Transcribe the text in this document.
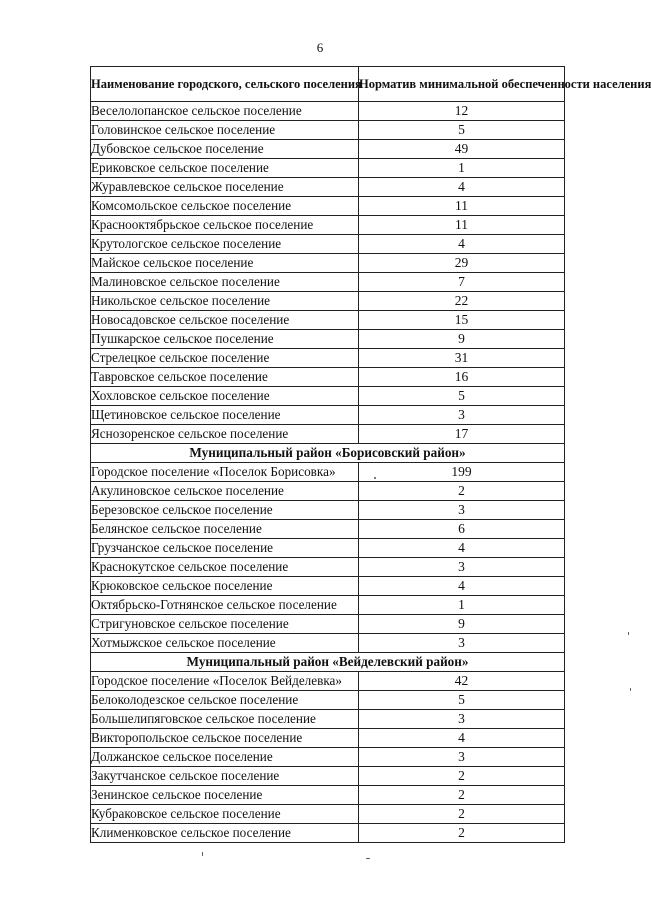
6
Наименование городского, сельского поселения	Норматив минимальной обеспеченности населения
Веселолопанское сельское поселение	12
Головинское сельское поселение	5
Дубовское сельское поселение	49
Ериковское сельское поселение	1
Журавлевское сельское поселение	4
Комсомольское сельское поселение	11
Краснооктябрьское сельское поселение	11
Крутологское сельское поселение	4
Майское сельское поселение	29
Малиновское сельское поселение	7
Никольское сельское поселение	22
Новосадовское сельское поселение	15
Пушкарское сельское поселение	9
Стрелецкое сельское поселение	31
Тавровское сельское поселение	16
Хохловское сельское поселение	5
Щетиновское сельское поселение	3
Яснозоренское сельское поселение	17
Муниципальный район «Борисовский район»	
Городское поселение «Поселок Борисовка»	199
Акулиновское сельское поселение	2
Березовское сельское поселение	3
Белянское сельское поселение	6
Грузчанское сельское поселение	4
Краснокутское сельское поселение	3
Крюковское сельское поселение	4
Октябрьско-Готнянское сельское поселение	1
Стригуновское сельское поселение	9
Хотмыжское сельское поселение	3
Муниципальный район «Вейделевский район»	
Городское поселение «Поселок Вейделевка»	42
Белоколодезское сельское поселение	5
Большелипяговское сельское поселение	3
Викторопольское сельское поселение	4
Должанское сельское поселение	3
Закутчанское сельское поселение	2
Зенинское сельское поселение	2
Кубраковское сельское поселение	2
Клименковское сельское поселение	2
